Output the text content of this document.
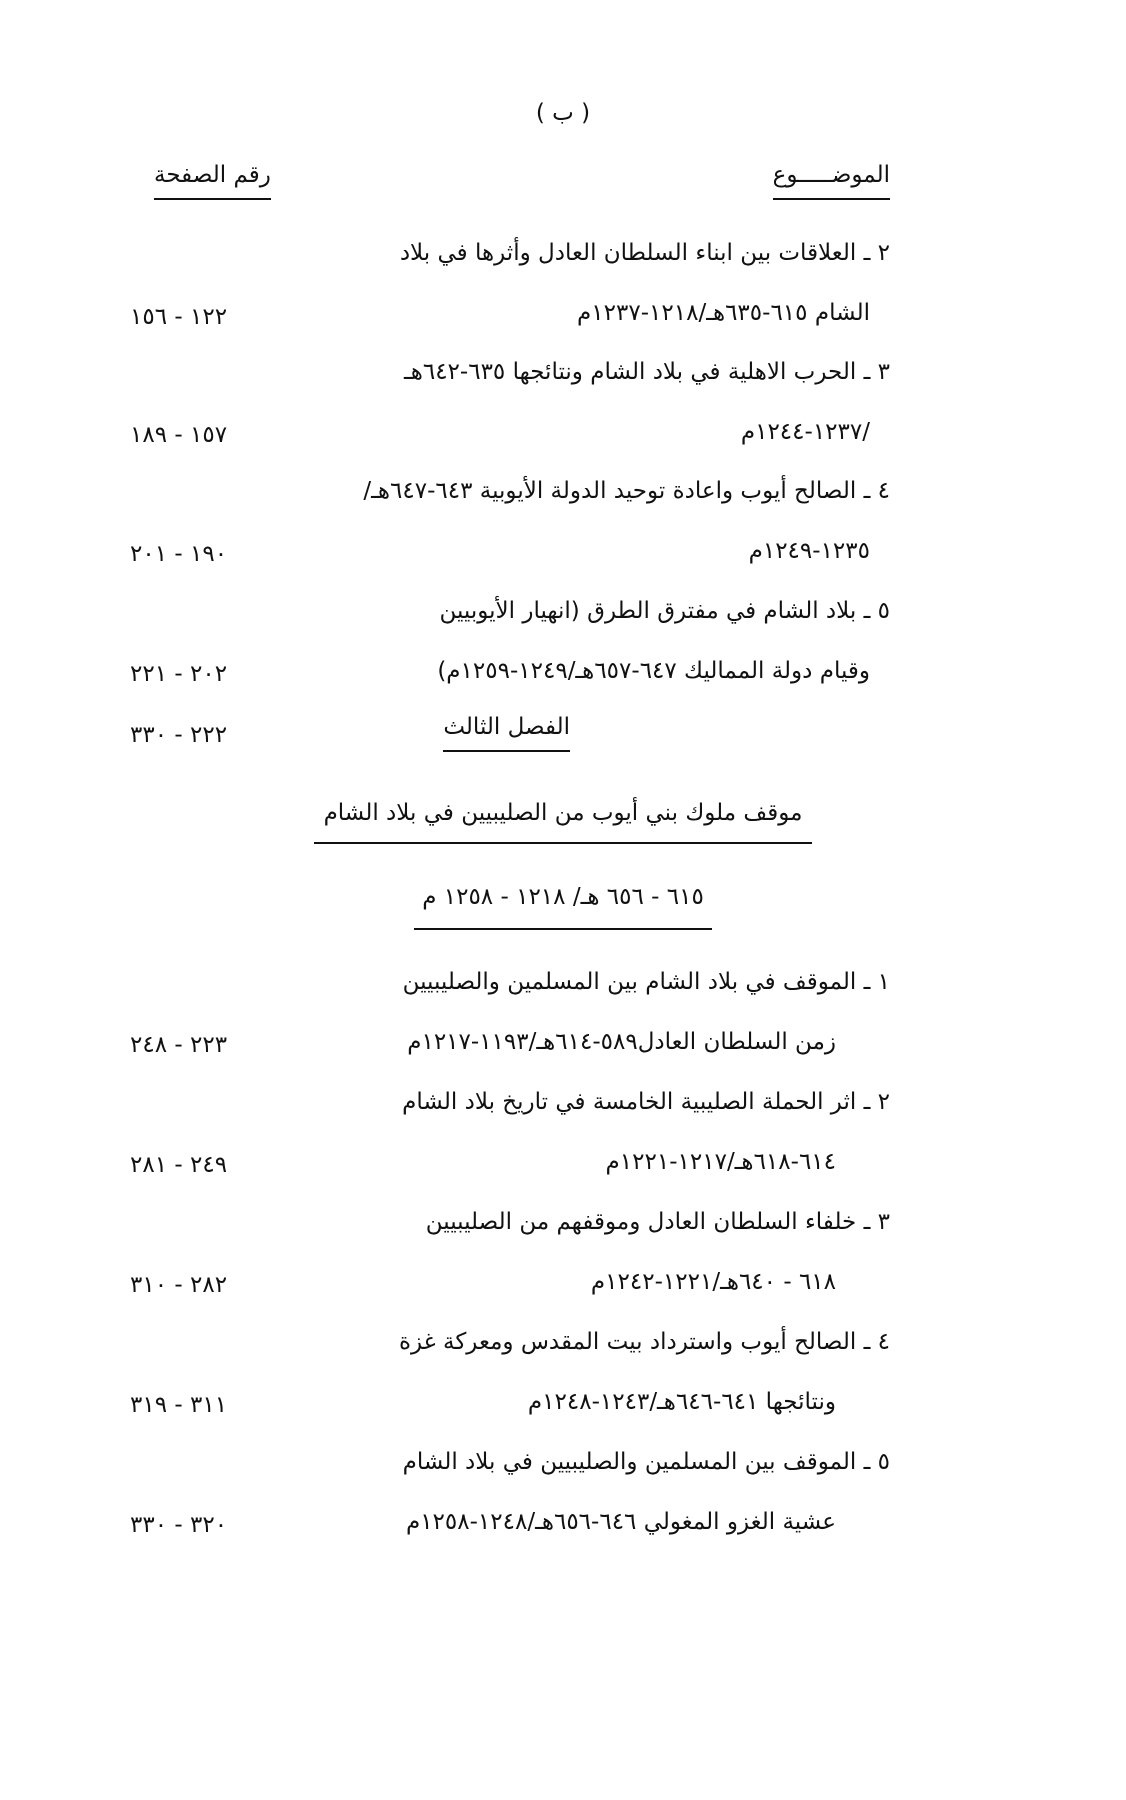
( ب )
الموضـــــوع
رقم الصفحة
٢ ـ العلاقات بين ابناء السلطان العادل وأثرها في بلاد
الشام ٦١٥-٦٣٥هـ/١٢١٨-١٢٣٧م
١٢٢ - ١٥٦
٣ ـ الحرب الاهلية في بلاد الشام ونتائجها ٦٣٥-٦٤٢هـ
/١٢٣٧-١٢٤٤م
١٥٧ - ١٨٩
٤ ـ الصالح أيوب واعادة توحيد الدولة الأيوبية ٦٤٣-٦٤٧هـ/
١٢٣٥-١٢٤٩م
١٩٠ - ٢٠١
٥ ـ بلاد الشام في مفترق الطرق (انهيار الأيوبيين
وقيام دولة المماليك ٦٤٧-٦٥٧هـ/١٢٤٩-١٢٥٩م)
٢٠٢ - ٢٢١
الفصل الثالث
٢٢٢ - ٣٣٠
موقف ملوك بني أيوب من الصليبيين في بلاد الشام
٦١٥ - ٦٥٦ هـ/ ١٢١٨ - ١٢٥٨ م
١ ـ الموقف في بلاد الشام بين المسلمين والصليبيين
زمن السلطان العادل٥٨٩-٦١٤هـ/١١٩٣-١٢١٧م
٢٢٣ - ٢٤٨
٢ ـ اثر الحملة الصليبية الخامسة في تاريخ بلاد الشام
٦١٤-٦١٨هـ/١٢١٧-١٢٢١م
٢٤٩ - ٢٨١
٣ ـ خلفاء السلطان العادل وموقفهم من الصليبيين
٦١٨ - ٦٤٠هـ/١٢٢١-١٢٤٢م
٢٨٢ - ٣١٠
٤ ـ الصالح أيوب واسترداد بيت المقدس ومعركة غزة
ونتائجها ٦٤١-٦٤٦هـ/١٢٤٣-١٢٤٨م
٣١١ - ٣١٩
٥ ـ الموقف بين المسلمين والصليبيين في بلاد الشام
عشية الغزو المغولي ٦٤٦-٦٥٦هـ/١٢٤٨-١٢٥٨م
٣٢٠ - ٣٣٠
